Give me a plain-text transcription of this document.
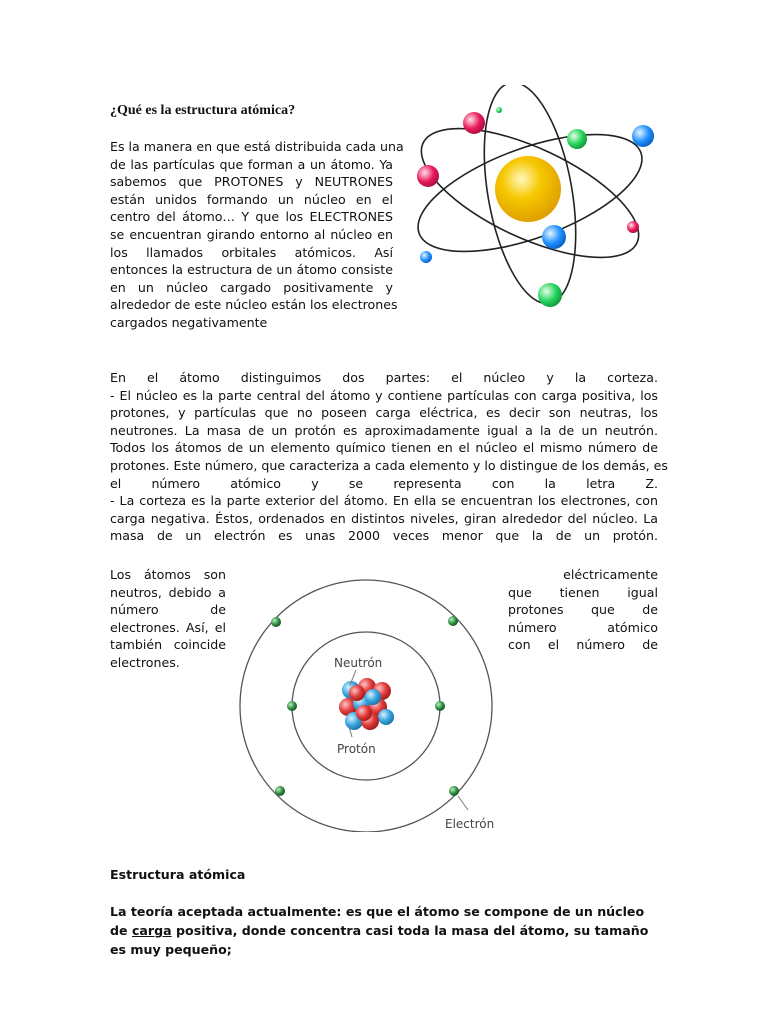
¿Qué es la estructura atómica?
Es la manera en que está distribuida cada una
de las partículas que forman a un átomo. Ya
sabemos que PROTONES y NEUTRONES
están unidos formando un núcleo en el
centro del átomo… Y que los ELECTRONES
se encuentran girando entorno al núcleo en
los llamados orbitales atómicos. Así
entonces la estructura de un átomo consiste
en un núcleo cargado positivamente y
alrededor de este núcleo están los electrones
cargados negativamente
En el átomo distinguimos dos partes: el núcleo y la corteza.
- El núcleo es la parte central del átomo y contiene partículas con carga positiva, los
protones, y partículas que no poseen carga eléctrica, es decir son neutras, los
neutrones. La masa de un protón es aproximadamente igual a la de un neutrón.
Todos los átomos de un elemento químico tienen en el núcleo el mismo número de
protones. Este número, que caracteriza a cada elemento y lo distingue de los demás, es
el número atómico y se representa con la letra Z.
- La corteza es la parte exterior del átomo. En ella se encuentran los electrones, con
carga negativa. Éstos, ordenados en distintos niveles, giran alrededor del núcleo. La
masa de un electrón es unas 2000 veces menor que la de un protón.
Los átomos son
neutros, debido a
número de
electrones. Así, el
también coincide
electrones.
eléctricamente
que tienen igual
protones que de
número atómico
con el número de
Neutrón
Protón
Electrón
Estructura atómica
La teoría aceptada actualmente: es que el átomo se compone de un núcleo de carga positiva, donde concentra casi toda la masa del átomo, su tamaño es muy pequeño;
